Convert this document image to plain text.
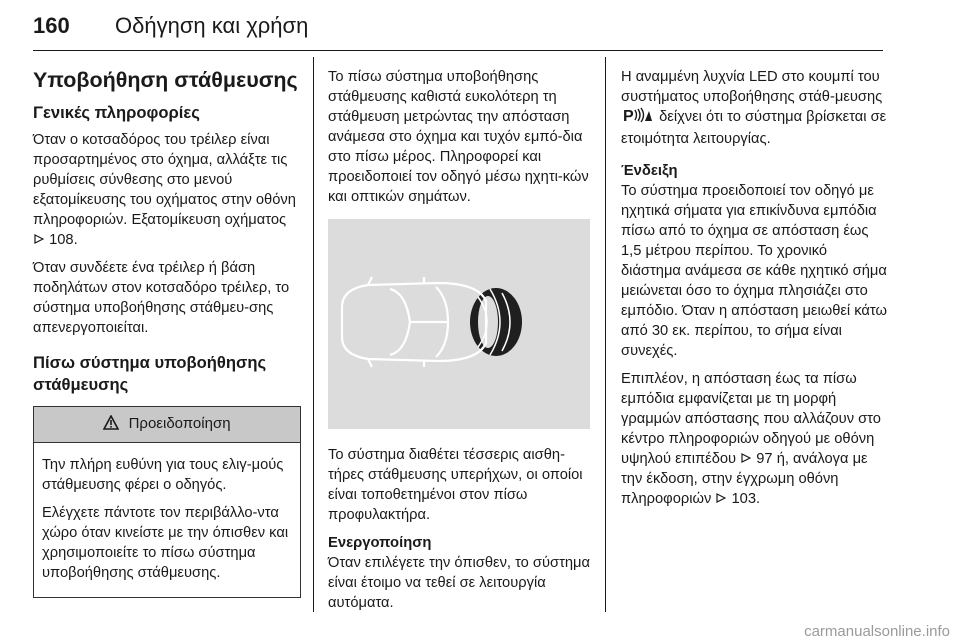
160 Οδήγηση και χρήση
Υποβοήθηση στάθμευσης
Γενικές πληροφορίες

Όταν ο κοτσαδόρος του τρέιλερ είναι προσαρτημένος στο όχημα, αλλάξτε τις ρυθμίσεις σύνθεσης στο μενού εξατομίκευσης του οχήματος στην οθόνη πληροφοριών. Εξατομίκευση οχήματος  108.

Όταν συνδέετε ένα τρέιλερ ή βάση ποδηλάτων στον κοτσαδόρο τρέιλερ, το σύστημα υποβοήθησης στάθμευ-σης απενεργοποιείται.

Πίσω σύστημα υποβοήθησης στάθμευσης
Προειδοποίηση

Την πλήρη ευθύνη για τους ελιγ-μούς στάθμευσης φέρει ο οδηγός.

Ελέγχετε πάντοτε τον περιβάλλο-ντα χώρο όταν κινείστε με την όπισθεν και χρησιμοποιείτε το πίσω σύστημα υποβοήθησης στάθμευσης.

Το πίσω σύστημα υποβοήθησης στάθμευσης καθιστά ευκολότερη τη στάθμευση μετρώντας την απόσταση ανάμεσα στο όχημα και τυχόν εμπό-δια στο πίσω μέρος. Πληροφορεί και προειδοποιεί τον οδηγό μέσω ηχητι-κών και οπτικών σημάτων.

Το σύστημα διαθέτει τέσσερις αισθη-τήρες στάθμευσης υπερήχων, οι οποίοι είναι τοποθετημένοι στον πίσω προφυλακτήρα.

Ενεργοποίηση

Όταν επιλέγετε την όπισθεν, το σύστημα είναι έτοιμο να τεθεί σε λειτουργία αυτόματα.

Η αναμμένη λυχνία LED στο κουμπί του συστήματος υποβοήθησης στάθ-μευσης
P δείχνει ότι το σύστημα βρίσκεται σε ετοιμότητα λειτουργίας.

Ένδειξη

Το σύστημα προειδοποιεί τον οδηγό με ηχητικά σήματα για επικίνδυνα εμπόδια πίσω από το όχημα σε απόσταση έως 1,5 μέτρου περίπου. Το χρονικό διάστημα ανάμεσα σε κάθε ηχητικό σήμα μειώνεται όσο το όχημα πλησιάζει στο εμπόδιο. Όταν η απόσταση μειωθεί κάτω από 30 εκ. περίπου, το σήμα είναι συνεχές.

Επιπλέον, η απόσταση έως τα πίσω εμπόδια εμφανίζεται με τη μορφή γραμμών απόστασης που αλλάζουν στο κέντρο πληροφοριών οδηγού με οθόνη υψηλού επιπέδου 97 ή, ανάλογα με την έκδοση, στην έγχρωμη οθόνη πληροφοριών 103.

carmanualsonline.info
